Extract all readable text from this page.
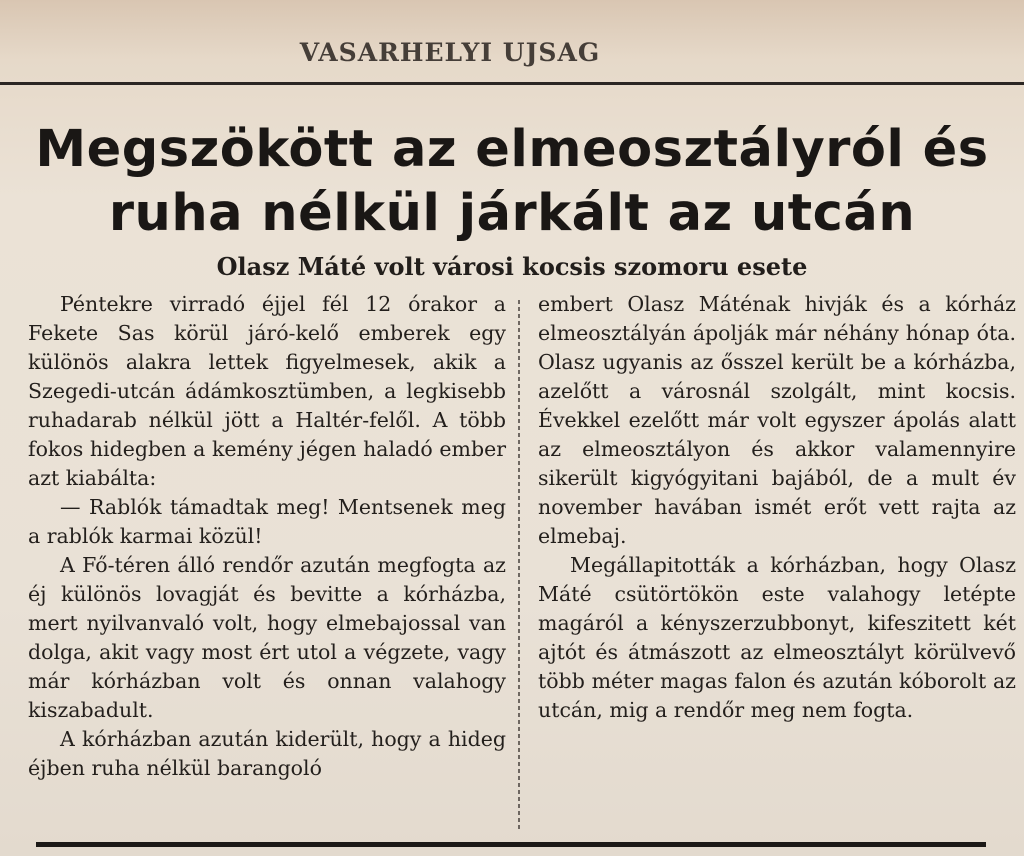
VASARHELYI UJSAG
Megszökött az elmeosztályról és
ruha nélkül járkált az utcán
Olasz Máté volt városi kocsis szomoru esete

Péntekre virradó éjjel fél 12 órakor a Fekete Sas körül járó-kelő emberek egy különös alakra lettek figyelmesek, akik a Szegedi-utcán ádámkosztümben, a legkisebb ruhadarab nélkül jött a Haltér-felől. A több fokos hidegben a kemény jégen haladó ember azt kiabálta:

— Rablók támadtak meg! Mentsenek meg a rablók karmai közül!

A Fő-téren álló rendőr azután megfogta az éj különös lovagját és bevitte a kórházba, mert nyilvanvaló volt, hogy elmebajossal van dolga, akit vagy most ért utol a végzete, vagy már kórházban volt és onnan valahogy kiszabadult.

A kórházban azután kiderült, hogy a hideg éjben ruha nélkül barangoló

embert Olasz Máténak hivják és a kórház elmeosztályán ápolják már néhány hónap óta. Olasz ugyanis az ősszel került be a kórházba, azelőtt a városnál szolgált, mint kocsis. Évekkel ezelőtt már volt egyszer ápolás alatt az elmeosztályon és akkor valamennyire sikerült kigyógyitani bajából, de a mult év november havában ismét erőt vett rajta az elmebaj.

Megállapitották a kórházban, hogy Olasz Máté csütörtökön este valahogy letépte magáról a kényszerzubbonyt, kifeszitett két ajtót és átmászott az elmeosztályt körülvevő több méter magas falon és azután kóborolt az utcán, mig a rendőr meg nem fogta.
